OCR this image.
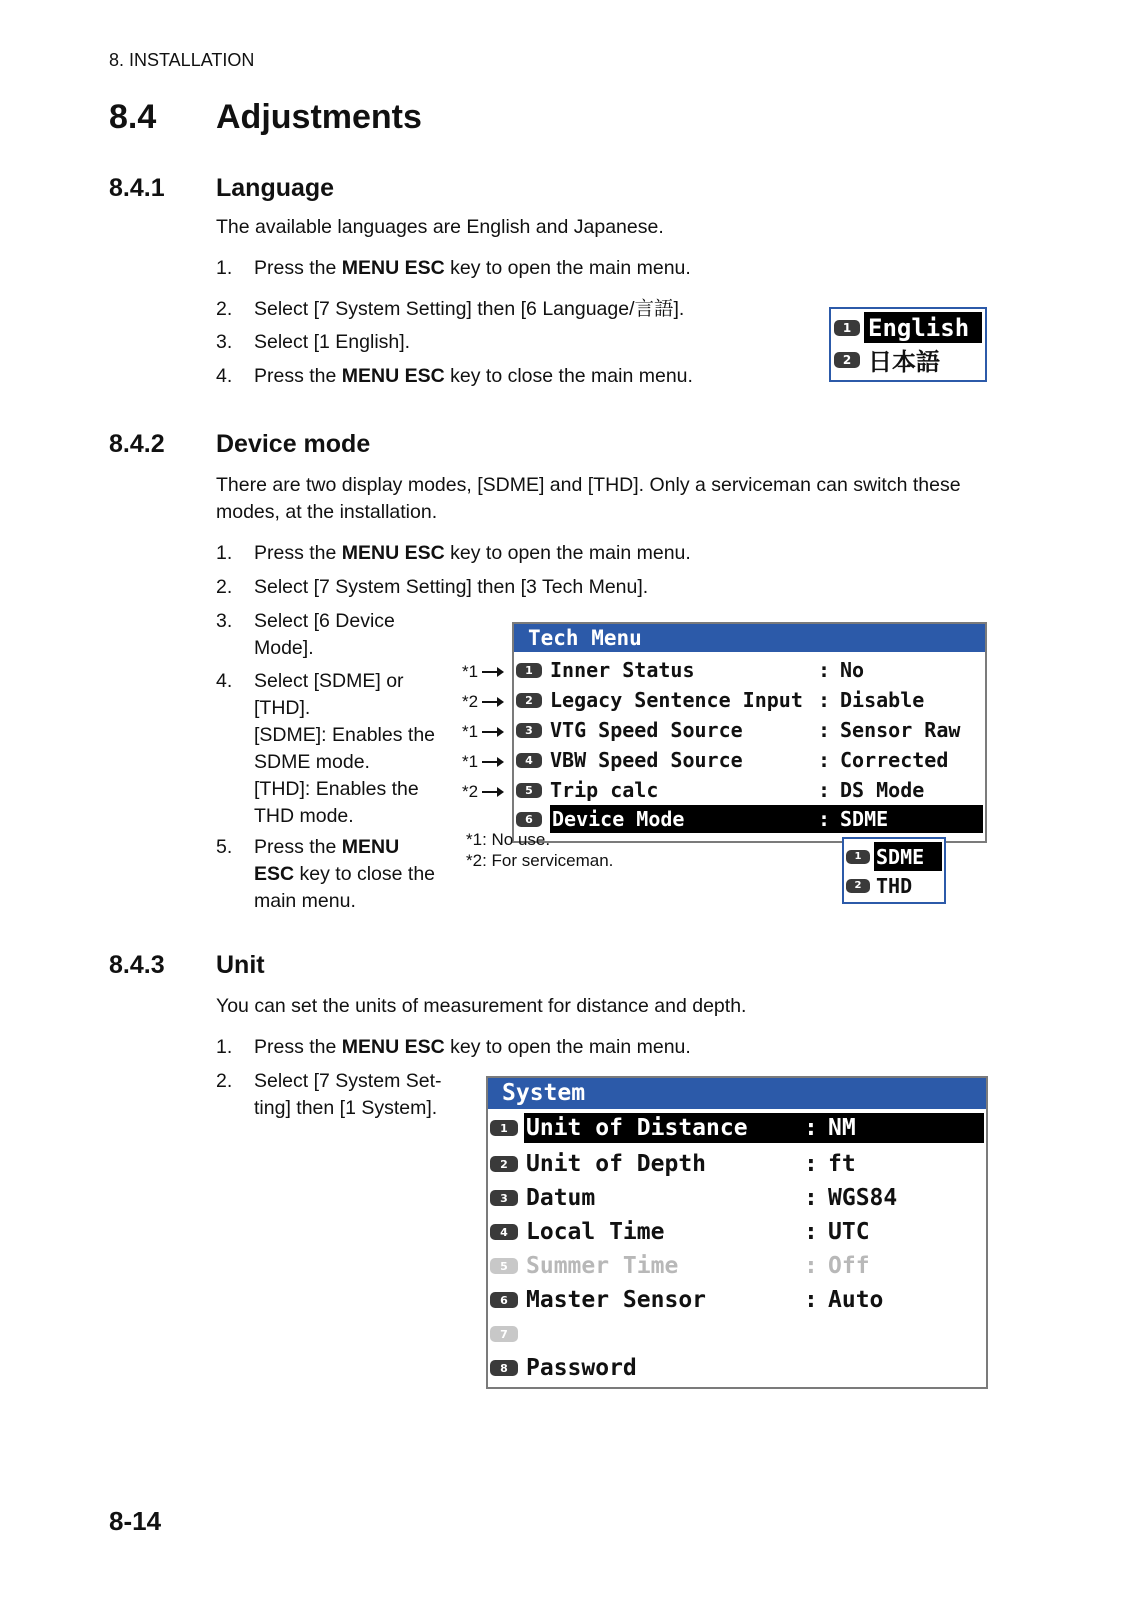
8. INSTALLATION
8.4 Adjustments
8.4.1 Language
The available languages are English and Japanese.
1.	Press the MENU ESC key to open the main menu.
2.	Select [7 System Setting] then [6 Language/言語].
3.	Select [1 English].
4.	Press the MENU ESC key to close the main menu.
1 English
2 日本語
8.4.2 Device mode
There are two display modes, [SDME] and [THD]. Only a serviceman can switch these modes, at the installation.
1.	Press the MENU ESC key to open the main menu.
2.	Select [7 System Setting] then [3 Tech Menu].
3.	Select [6 Device
Mode].
4.	Select [SDME] or
[THD].
[SDME]: Enables the
SDME mode.
[THD]: Enables the
THD mode.
5.	Press the MENU
ESC key to close the
main menu.
*1
*2
*1
*1
*2
Tech Menu
1 Inner Status	: No
2 Legacy Sentence Input : Disable
3 VTG Speed Source	: Sensor Raw
4 VBW Speed Source	: Corrected
5 Trip calc	: DS Mode
6 Device Mode	: SDME
*1: No use.
*2: For serviceman.	1 SDME
2 THD
8.4.3 Unit
You can set the units of measurement for distance and depth.
1.	Press the MENU ESC key to open the main menu.
2.	Select [7 System Set-
ting] then [1 System].
System
1 Unit of Distance	: NM
2 Unit of Depth	: ft
3 Datum	: WGS84
4 Local Time	: UTC
5 Summer Time	: Off
6 Master Sensor	: Auto
7
8 Password
8-14
